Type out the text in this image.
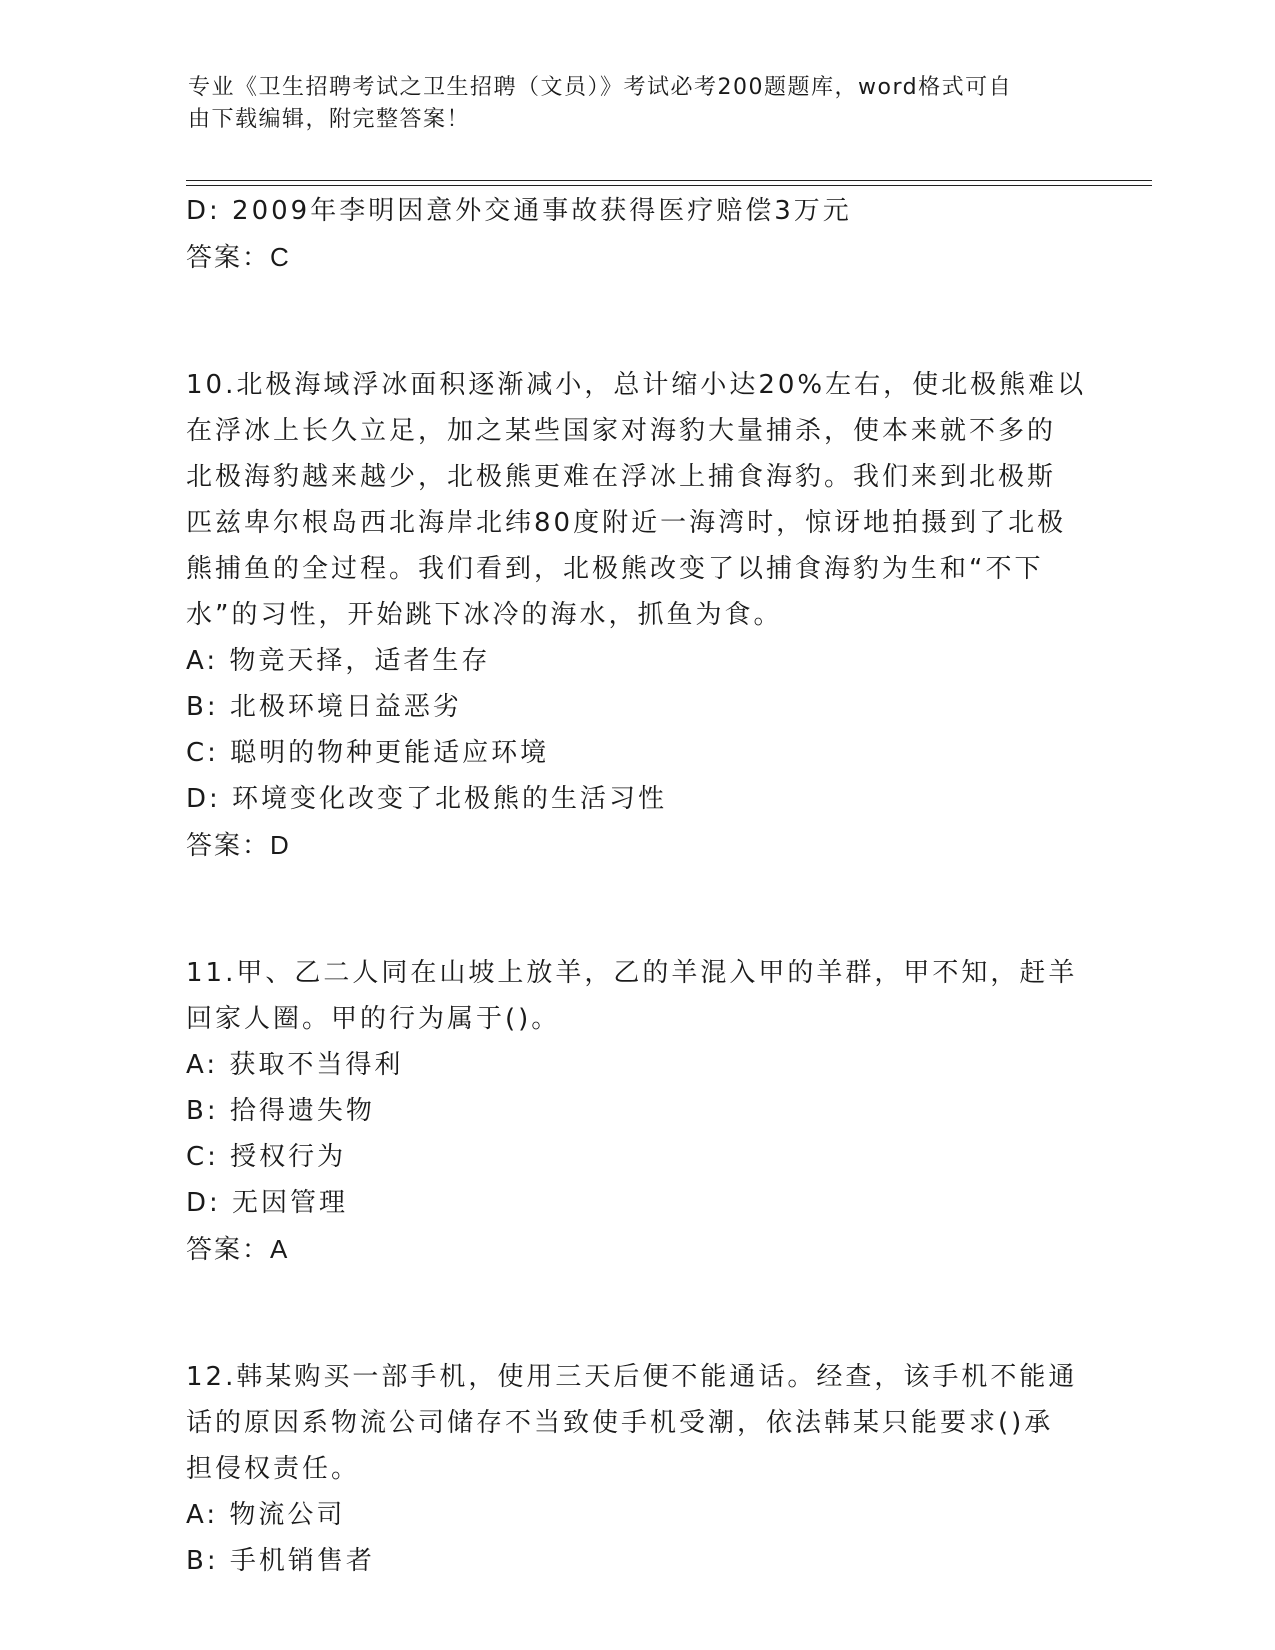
专业《卫生招聘考试之卫生招聘（文员）》考试必考200题题库，word格式可自
由下载编辑，附完整答案！
D: 2009年李明因意外交通事故获得医疗赔偿3万元
答案：C
10.北极海域浮冰面积逐渐减小，总计缩小达20%左右，使北极熊难以
在浮冰上长久立足，加之某些国家对海豹大量捕杀，使本来就不多的
北极海豹越来越少，北极熊更难在浮冰上捕食海豹。我们来到北极斯
匹兹卑尔根岛西北海岸北纬80度附近一海湾时，惊讶地拍摄到了北极
熊捕鱼的全过程。我们看到，北极熊改变了以捕食海豹为生和“不下
水”的习性，开始跳下冰冷的海水，抓鱼为食。
A: 物竞天择，适者生存
B: 北极环境日益恶劣
C: 聪明的物种更能适应环境
D: 环境变化改变了北极熊的生活习性
答案：D
11.甲、乙二人同在山坡上放羊，乙的羊混入甲的羊群，甲不知，赶羊
回家人圈。甲的行为属于()。
A: 获取不当得利
B: 拾得遗失物
C: 授权行为
D: 无因管理
答案：A
12.韩某购买一部手机，使用三天后便不能通话。经查，该手机不能通
话的原因系物流公司储存不当致使手机受潮，依法韩某只能要求()承
担侵权责任。
A: 物流公司
B: 手机销售者
